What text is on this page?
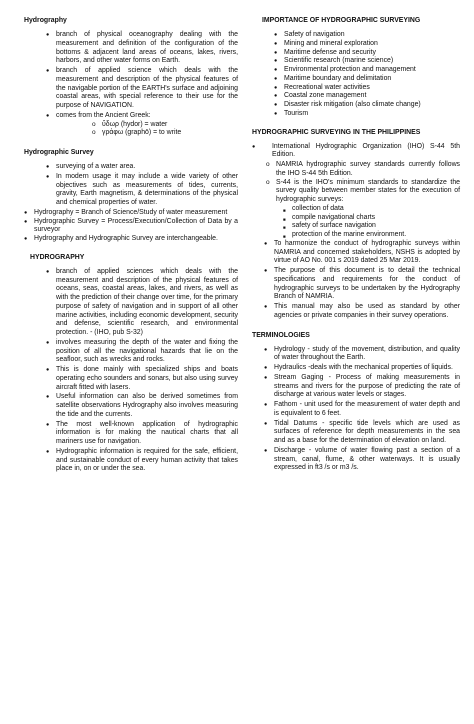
Hydrography
● branch of physical oceanography dealing with the measurement and definition of the configuration of the bottoms & adjacent land areas of oceans, lakes, rivers, harbors, and other water forms on Earth.
● branch of applied science which deals with the measurement and description of the physical features of the navigable portion of the EARTH's surface and adjoining coastal areas, with special reference to their use for the purpose of NAVIGATION.
● comes from the Ancient Greek:
o ὕδωρ (hydor) = water
o γράφω (graphō) = to write
Hydrographic Survey
● surveying of a water area.
● In modern usage it may include a wide variety of other objectives such as measurements of tides, currents, gravity, Earth magnetism, & determinations of the physical and chemical properties of water.
● Hydrography = Branch of Science/Study of water measurement
● Hydrographic Survey = Process/Execution/Collection of Data by a surveyor
● Hydrography and Hydrographic Survey are interchangeable.
HYDROGRAPHY
● branch of applied sciences which deals with the measurement and description of the physical features of oceans, seas, coastal areas, lakes, and rivers, as well as with the prediction of their change over time, for the primary purpose of safety of navigation and in support of all other marine activities, including economic development, security and defense, scientific research, and environmental protection. - (IHO, pub S-32)
● involves measuring the depth of the water and fixing the position of all the navigational hazards that lie on the seafloor, such as wrecks and rocks.
● This is done mainly with specialized ships and boats operating echo sounders and sonars, but also using survey aircraft fitted with lasers.
● Useful information can also be derived sometimes from satellite observations Hydrography also involves measuring the tide and the currents.
● The most well-known application of hydrographic information is for making the nautical charts that all mariners use for navigation.
● Hydrographic information is required for the safe, efficient, and sustainable conduct of every human activity that takes place in, on or under the sea.
IMPORTANCE OF HYDROGRAPHIC SURVEYING
● Safety of navigation
● Mining and mineral exploration
● Maritime defense and security
● Scientific research (marine science)
● Environmental protection and management
● Maritime boundary and delimitation
● Recreational water activities
● Coastal zone management
● Disaster risk mitigation (also climate change)
● Tourism
HYDROGRAPHIC SURVEYING IN THE PHILIPPINES
● International Hydrographic Organization (IHO) S-44 5th Edition.
o NAMRIA hydrographic survey standards currently follows the IHO S-44 5th Edition.
o S-44 is the IHO's minimum standards to standardize the survey quality between member states for the execution of hydrographic surveys:
■ collection of data
■ compile navigational charts
■ safety of surface navigation
■ protection of the marine environment.
● To harmonize the conduct of hydrographic surveys within NAMRIA and concerned stakeholders, NSHS is adopted by virtue of AO No. 001 s 2019 dated 25 Mar 2019.
● The purpose of this document is to detail the technical specifications and requirements for the conduct of hydrographic surveys to be undertaken by the Hydrography Branch of NAMRIA.
● This manual may also be used as standard by other agencies or private companies in their survey operations.
TERMINOLOGIES
● Hydrology - study of the movement, distribution, and quality of water throughout the Earth.
● Hydraulics -deals with the mechanical properties of liquids.
● Stream Gaging - Process of making measurements in streams and rivers for the purpose of predicting the rate of discharge at various water levels or stages.
● Fathom - unit used for the measurement of water depth and is equivalent to 6 feet.
● Tidal Datums - specific tide levels which are used as surfaces of reference for depth measurements in the sea and as a base for the determination of elevation on land.
● Discharge - volume of water flowing past a section of a stream, canal, flume, & other waterways. It is usually expressed in ft3 /s or m3 /s.
